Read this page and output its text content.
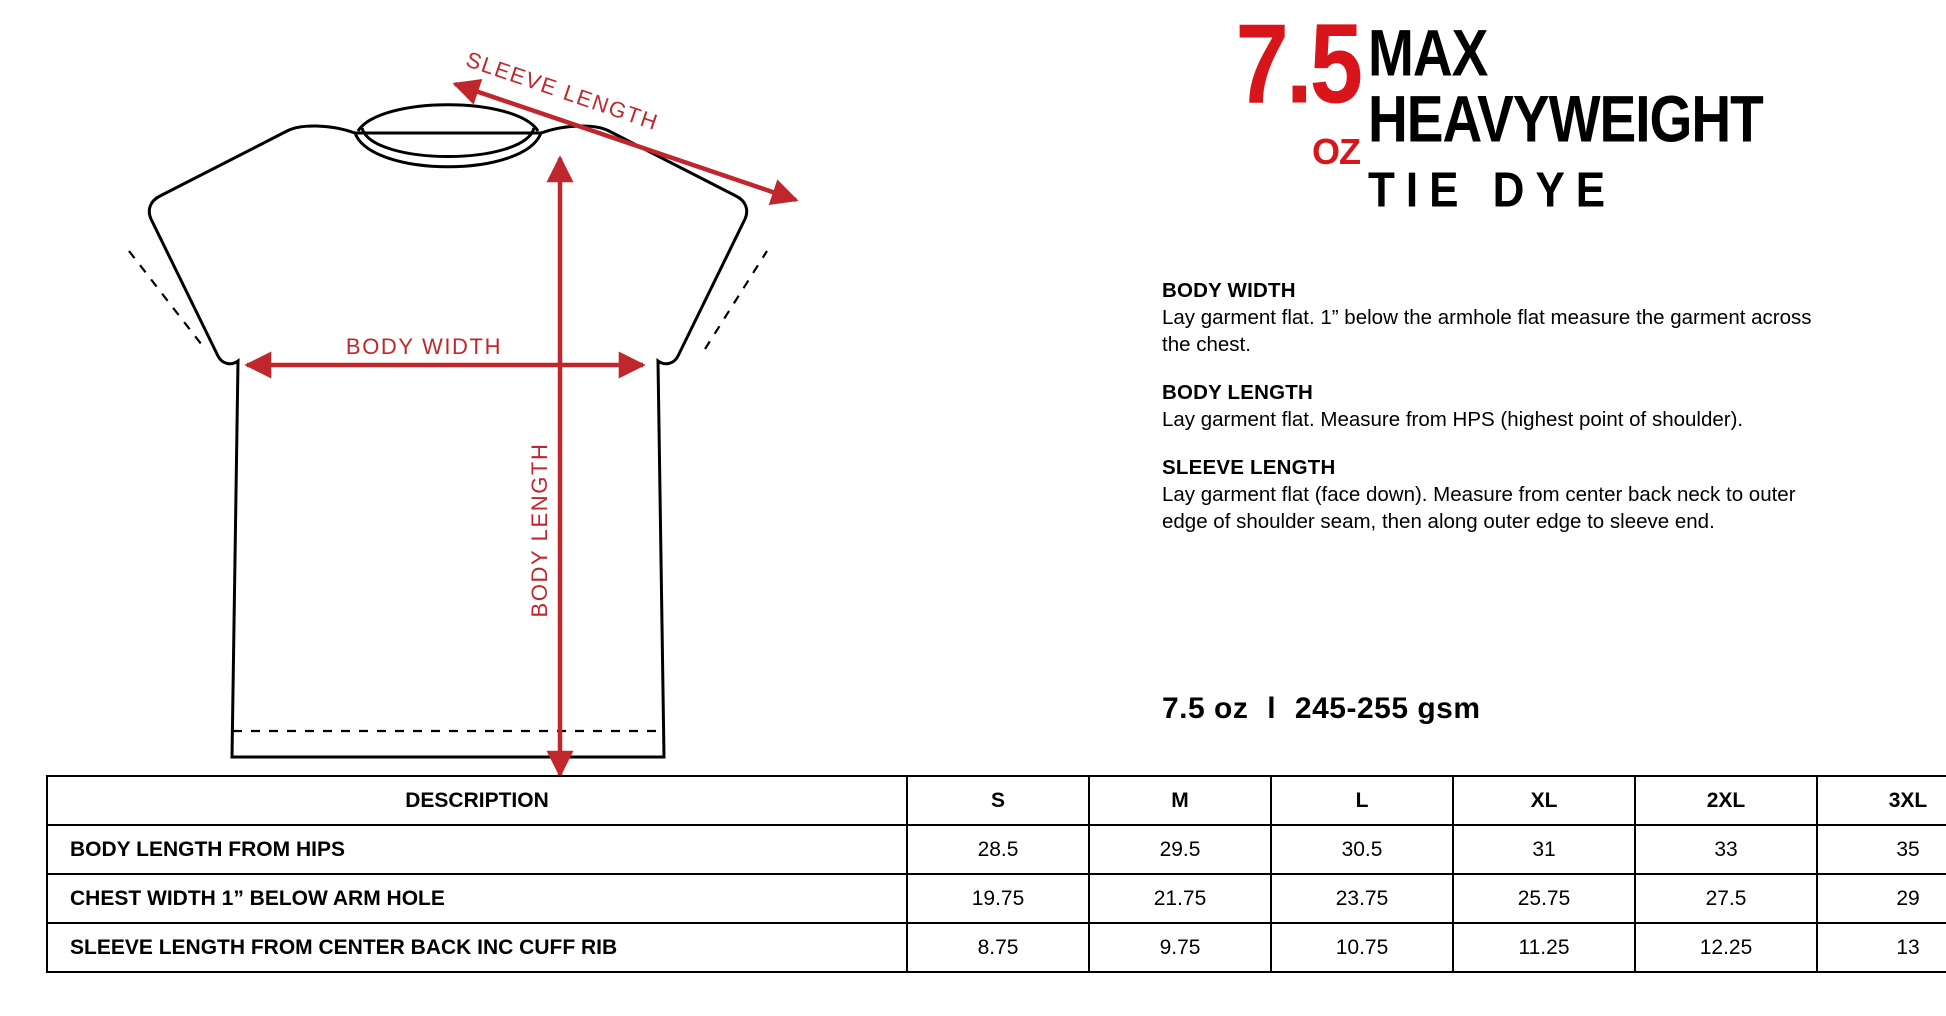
SLEEVE LENGTH
BODY WIDTH
BODY LENGTH
7.5
OZ
MAX
HEAVYWEIGHT
TIE DYE
BODY WIDTH
Lay garment flat. 1” below the armhole flat measure the garment across the chest.
BODY LENGTH
Lay garment flat. Measure from HPS (highest point of shoulder).
SLEEVE LENGTH
Lay garment flat (face down). Measure from center back neck to outer edge of shoulder seam, then along outer edge to sleeve end.
7.5 oz l 245-255 gsm
DESCRIPTION	S	M	L	XL	2XL	3XL
BODY LENGTH FROM HIPS	28.5	29.5	30.5	31	33	35
CHEST WIDTH 1” BELOW ARM HOLE	19.75	21.75	23.75	25.75	27.5	29
SLEEVE LENGTH FROM CENTER BACK INC CUFF RIB	8.75	9.75	10.75	11.25	12.25	13
